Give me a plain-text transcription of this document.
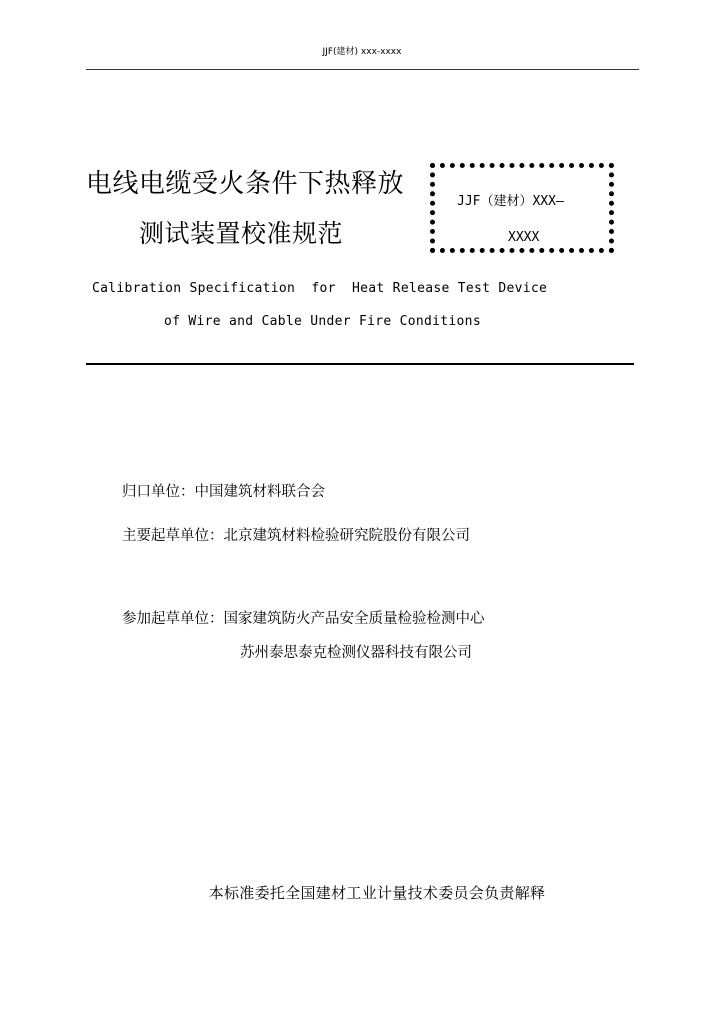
JJF(建材) xxx-xxxx
电线电缆受火条件下热释放
测试装置校准规范
JJF（建材）XXX—
XXXX
Calibration Specification  for  Heat Release Test Device
of Wire and Cable Under Fire Conditions
归口单位：中国建筑材料联合会
主要起草单位：北京建筑材料检验研究院股份有限公司
参加起草单位：国家建筑防火产品安全质量检验检测中心
苏州泰思泰克检测仪器科技有限公司
本标准委托全国建材工业计量技术委员会负责解释
